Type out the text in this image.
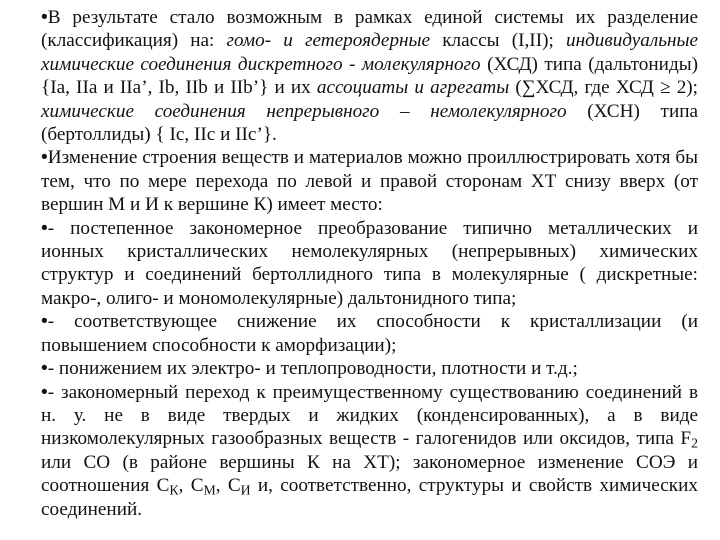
•В результате стало возможным в рамках единой системы их разделение (классификация) на: гомо- и гетероядерные классы (I,II); индивидуальные химические соединения дискретного - молекулярного (ХСД) типа (дальтониды) {Ia, IIa и IIa’, Ib, IIb и IIb’} и их ассоциаты и агрегаты (∑ХСД, где ХСД ≥ 2); химические соединения непрерывного – немолекулярного (ХСН) типа (бертоллиды) { Ic, IIc и IIc’}.

•Изменение строения веществ и материалов можно проиллюстрировать хотя бы тем, что по мере перехода по левой и правой сторонам ХТ снизу вверх (от вершин М и И к вершине К) имеет место:

•- постепенное закономерное преобразование типично металлических и ионных кристаллических немолекулярных (непрерывных) химических структур и соединений бертоллидного типа в молекулярные ( дискретные: макро-, олиго- и мономолекулярные) дальтонидного типа;

•- соответствующее снижение их способности к кристаллизации (и повышением способности к аморфизации);

•- понижением их электро- и теплопроводности, плотности и т.д.;

•- закономерный переход к преимущественному существованию соединений в н. у. не в виде твердых и жидких (конденсированных), а в виде низкомолекулярных газообразных веществ - галогенидов или оксидов, типа $F_2$ или СО (в районе вершины К на ХТ); закономерное изменение СОЭ и соотношения $С_К$, $С_М$, $С_И$ и, соответственно, структуры и свойств химических соединений.
